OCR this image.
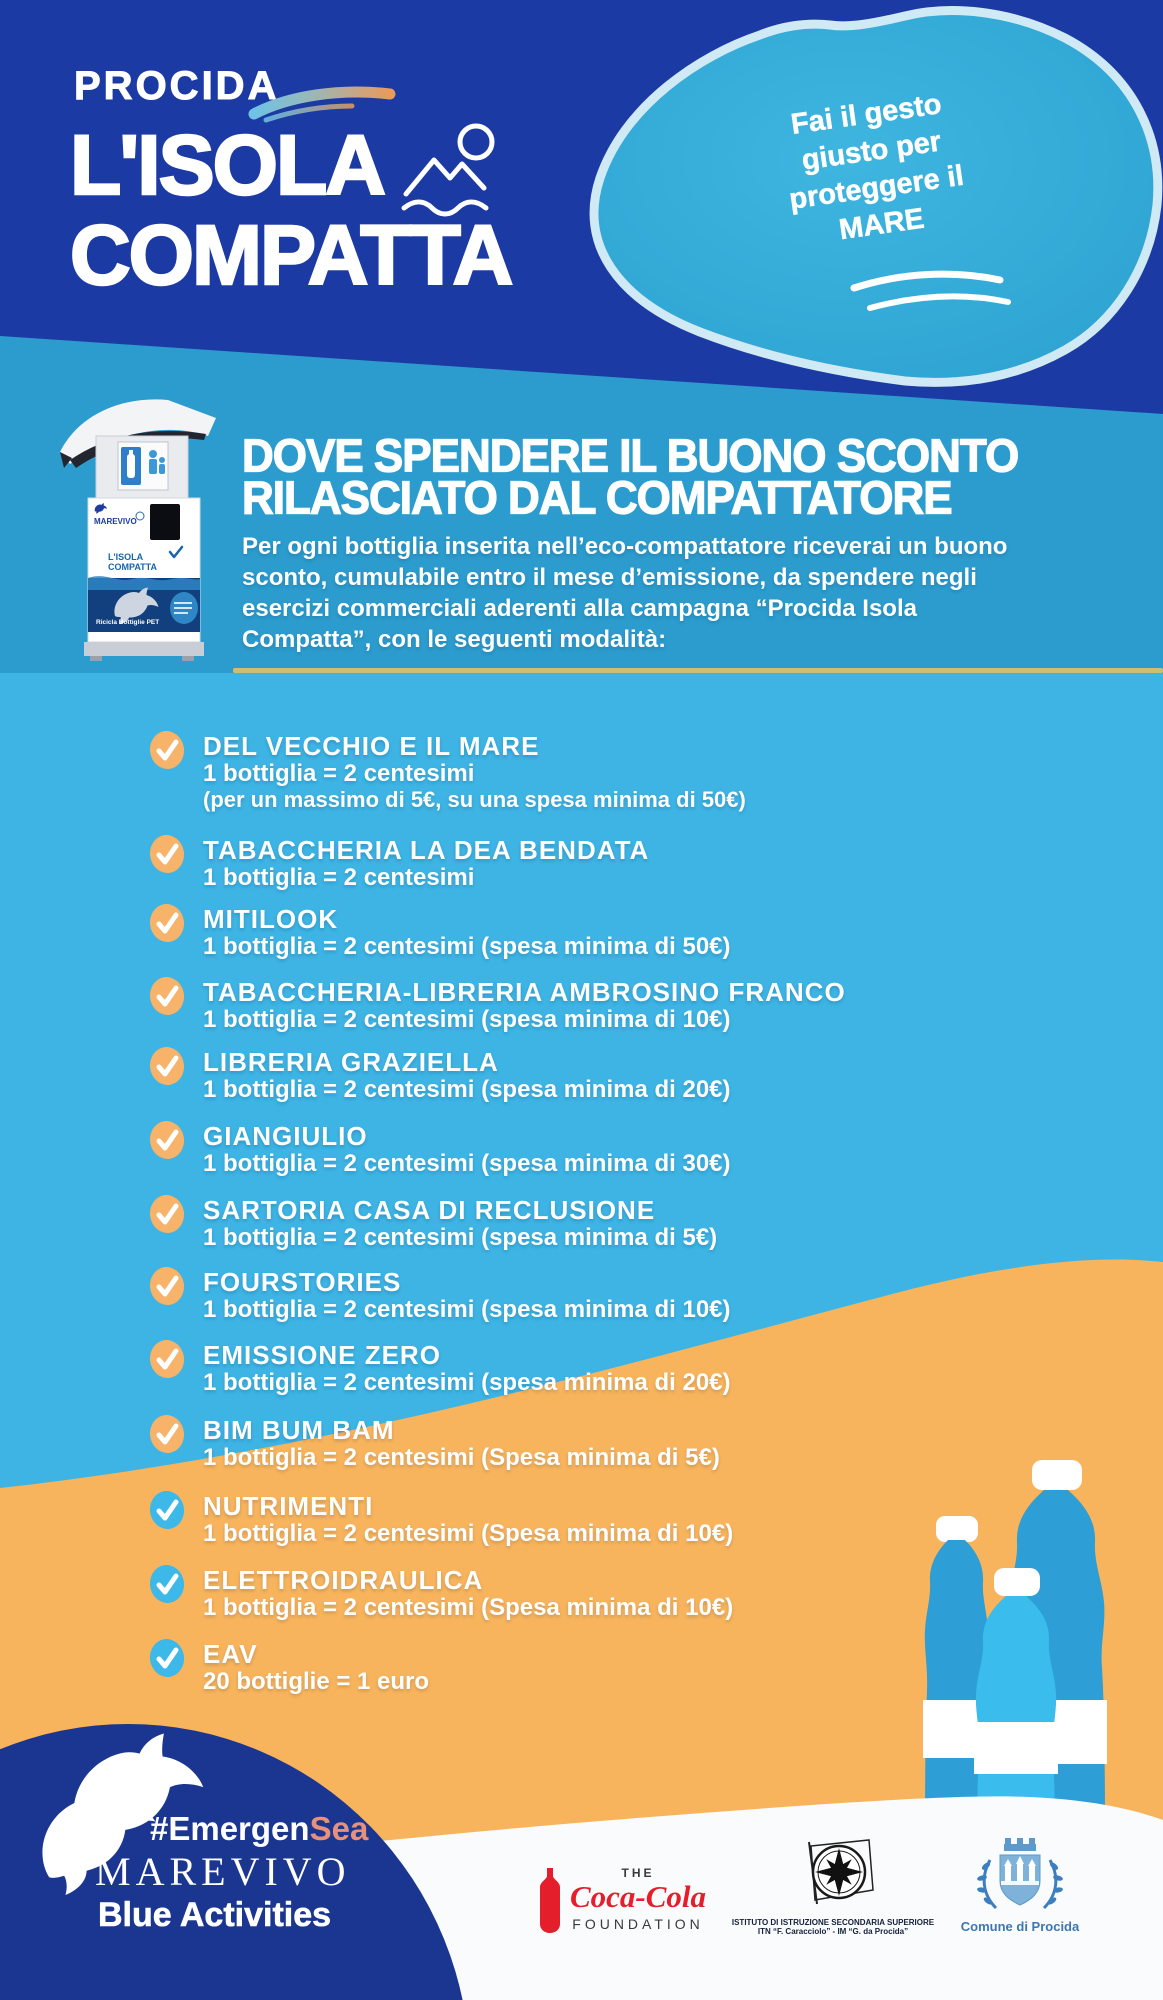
PROCIDA
L'ISOLA
COMPATTA
Fai il gesto giusto per proteggere il MARE
MAREVIVO
L'ISOLA
COMPATTA
Ricicla Bottiglie PET
DOVE SPENDERE IL BUONO SCONTO
RILASCIATO DAL COMPATTATORE
Per ogni bottiglia inserita nell’eco-compattatore riceverai un buono sconto, cumulabile entro il mese d’emissione, da spendere negli esercizi commerciali aderenti alla campagna “Procida Isola Compatta”, con le seguenti modalità:
DEL VECCHIO E IL MARE
1 bottiglia = 2 centesimi
(per un massimo di 5€, su una spesa minima di 50€)
TABACCHERIA LA DEA BENDATA
1 bottiglia = 2 centesimi
MITILOOK
1 bottiglia = 2 centesimi (spesa minima di 50€)
TABACCHERIA-LIBRERIA AMBROSINO FRANCO
1 bottiglia = 2 centesimi (spesa minima di 10€)
LIBRERIA GRAZIELLA
1 bottiglia = 2 centesimi (spesa minima di 20€)
GIANGIULIO
1 bottiglia = 2 centesimi (spesa minima di 30€)
SARTORIA CASA DI RECLUSIONE
1 bottiglia = 2 centesimi (spesa minima di 5€)
FOURSTORIES
1 bottiglia = 2 centesimi (spesa minima di 10€)
EMISSIONE ZERO
1 bottiglia = 2 centesimi (spesa minima di 20€)
BIM BUM BAM
1 bottiglia = 2 centesimi (Spesa minima di 5€)
NUTRIMENTI
1 bottiglia = 2 centesimi (Spesa minima di 10€)
ELETTROIDRAULICA
1 bottiglia = 2 centesimi (Spesa minima di 10€)
EAV
20 bottiglie = 1 euro
#EmergenSea
MAREVIVO
Blue Activities
THE
Coca-Cola
FOUNDATION	ISTITUTO DI ISTRUZIONE SECONDARIA SUPERIORE
ITN “F. Caracciolo” - IM “G. da Procida”	Comune di Procida
